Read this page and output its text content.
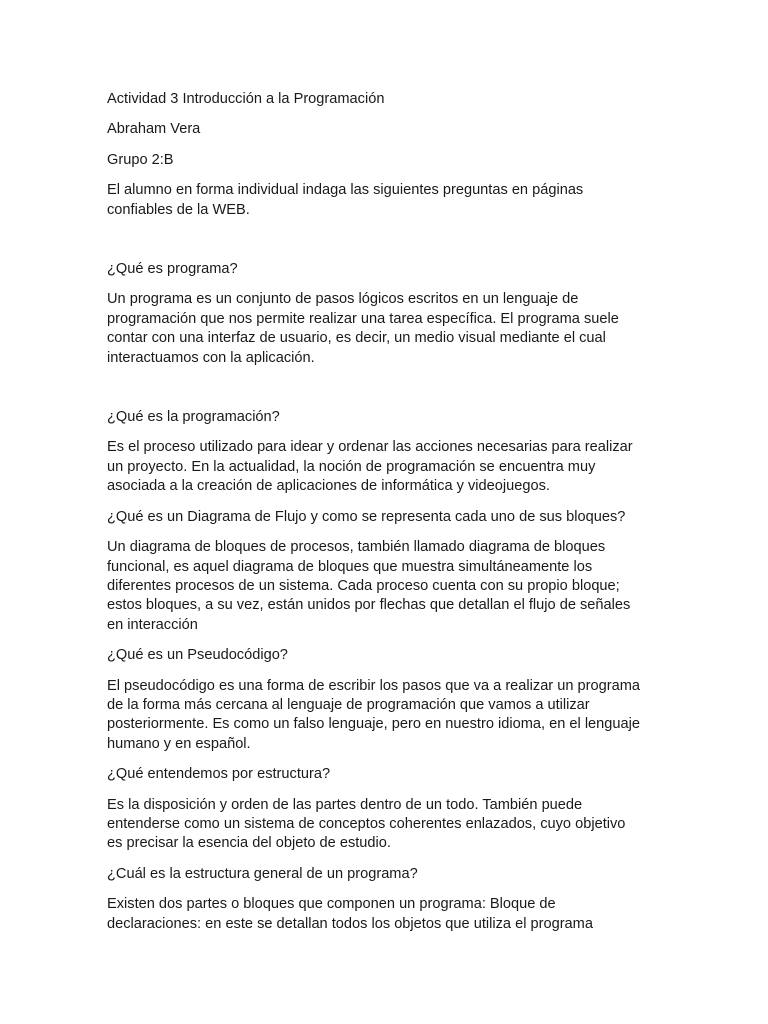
Actividad 3 Introducción a la Programación

Abraham Vera

Grupo 2:B

El alumno en forma individual indaga las siguientes preguntas en páginas
confiables de la WEB.

¿Qué es programa?

Un programa es un conjunto de pasos lógicos escritos en un lenguaje de
programación que nos permite realizar una tarea específica. El programa suele
contar con una interfaz de usuario, es decir, un medio visual mediante el cual
interactuamos con la aplicación.

¿Qué es la programación?

Es el proceso utilizado para idear y ordenar las acciones necesarias para realizar
un proyecto. En la actualidad, la noción de programación se encuentra muy
asociada a la creación de aplicaciones de informática y videojuegos.

¿Qué es un Diagrama de Flujo y como se representa cada uno de sus bloques?

Un diagrama de bloques de procesos, también llamado diagrama de bloques
funcional, es aquel diagrama de bloques que muestra simultáneamente los
diferentes procesos de un sistema. Cada proceso cuenta con su propio bloque;
estos bloques, a su vez, están unidos por flechas que detallan el flujo de señales
en interacción

¿Qué es un Pseudocódigo?

El pseudocódigo es una forma de escribir los pasos que va a realizar un programa
de la forma más cercana al lenguaje de programación que vamos a utilizar
posteriormente. Es como un falso lenguaje, pero en nuestro idioma, en el lenguaje
humano y en español.

¿Qué entendemos por estructura?

Es la disposición y orden de las partes dentro de un todo. También puede
entenderse como un sistema de conceptos coherentes enlazados, cuyo objetivo
es precisar la esencia del objeto de estudio.

¿Cuál es la estructura general de un programa?

Existen dos partes o bloques que componen un programa: Bloque de
declaraciones: en este se detallan todos los objetos que utiliza el programa
